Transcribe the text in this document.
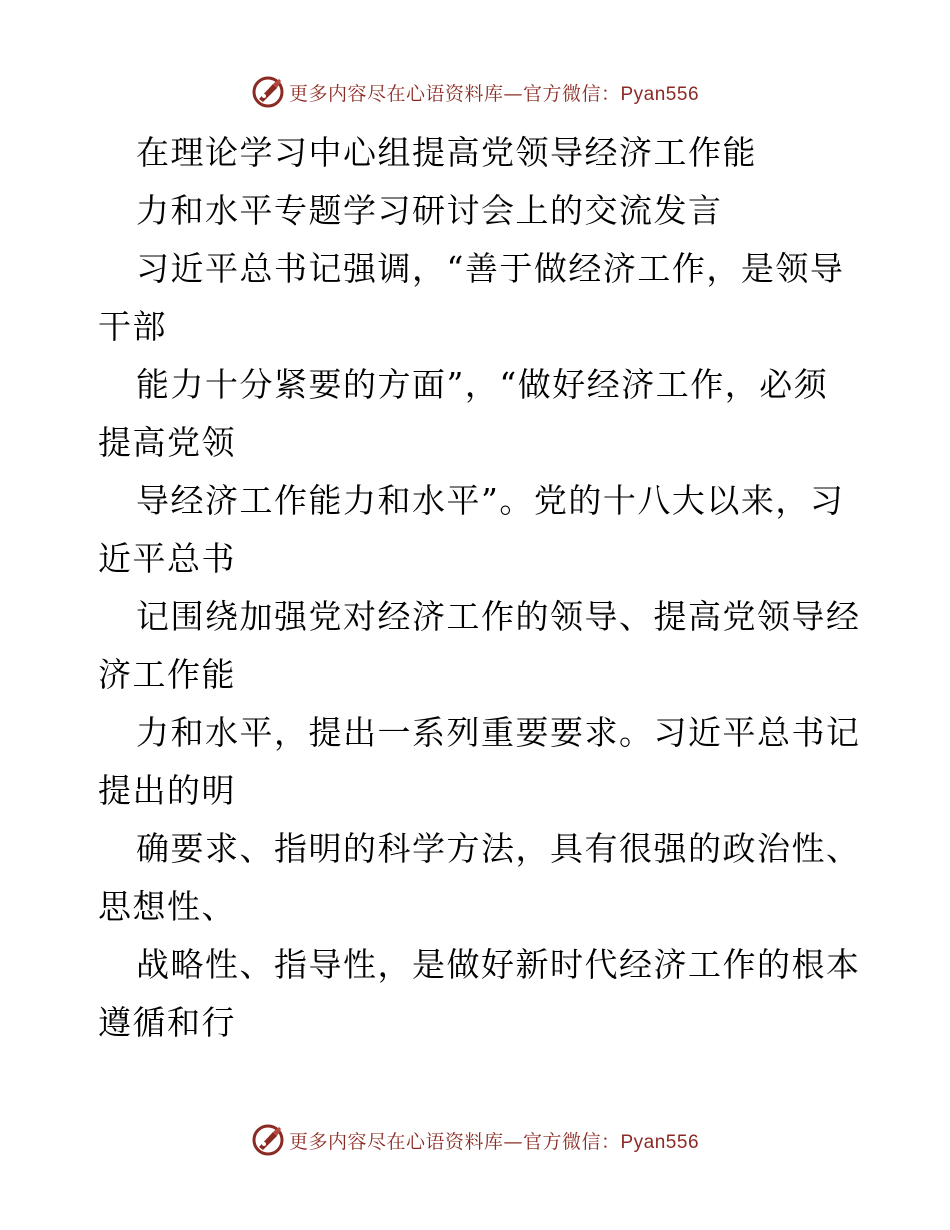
更多内容尽在心语资料库—官方微信：Pyan556
在理论学习中心组提高党领导经济工作能
力和水平专题学习研讨会上的交流发言
习近平总书记强调，“善于做经济工作，是领导
干部
能力十分紧要的方面”，“做好经济工作，必须
提高党领
导经济工作能力和水平”。党的十八大以来，习
近平总书
记围绕加强党对经济工作的领导、提高党领导经
济工作能
力和水平，提出一系列重要要求。习近平总书记
提出的明
确要求、指明的科学方法，具有很强的政治性、
思想性、
战略性、指导性，是做好新时代经济工作的根本
遵循和行
更多内容尽在心语资料库—官方微信：Pyan556
